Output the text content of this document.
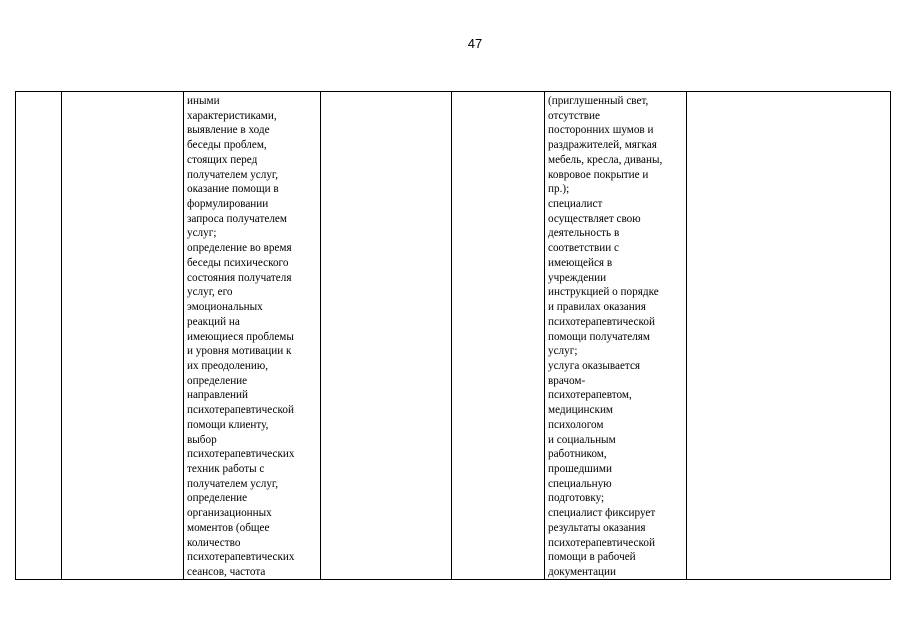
47
иными
характеристиками,
выявление в ходе
беседы проблем,
стоящих перед
получателем услуг,
оказание помощи в
формулировании
запроса получателем
услуг;
определение во время
беседы психического
состояния получателя
услуг, его
эмоциональных
реакций на
имеющиеся проблемы
и уровня мотивации к
их преодолению,
определение
направлений
психотерапевтической
помощи клиенту,
выбор
психотерапевтических
техник работы с
получателем услуг,
определение
организационных
моментов (общее
количество
психотерапевтических
сеансов, частота
(приглушенный свет,
отсутствие
посторонних шумов и
раздражителей, мягкая
мебель, кресла, диваны,
ковровое покрытие и
пр.);
специалист
осуществляет свою
деятельность в
соответствии с
имеющейся в
учреждении
инструкцией о порядке
и правилах оказания
психотерапевтической
помощи получателям
услуг;
услуга оказывается
врачом-
психотерапевтом,
медицинским
психологом
и социальным
работником,
прошедшими
специальную
подготовку;
специалист фиксирует
результаты оказания
психотерапевтической
помощи в рабочей
документации
